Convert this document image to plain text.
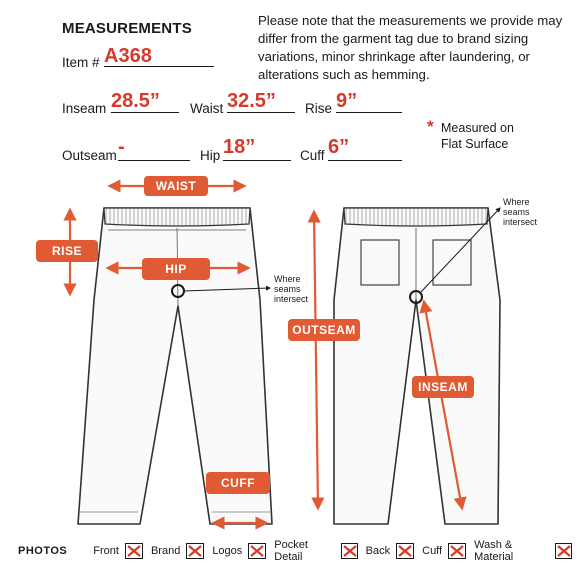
MEASUREMENTS	Please note that the measurements we provide may differ from the garment tag due to brand sizing variations, minor shrinkage after laundering, or alterations such as hemming.
Item # A368
Inseam 28.5” Waist 32.5” Rise 9”
Outseam -	Hip 18”	Cuff 6”
* Measured on
Flat Surface
WAIST
RISE
HIP
CUFF
OUTSEAM
INSEAM
Where
seams
intersect
Where
seams
intersect
PHOTOS Front	Brand	Logos	Pocket Detail	Back	Cuff	Wash & Material
